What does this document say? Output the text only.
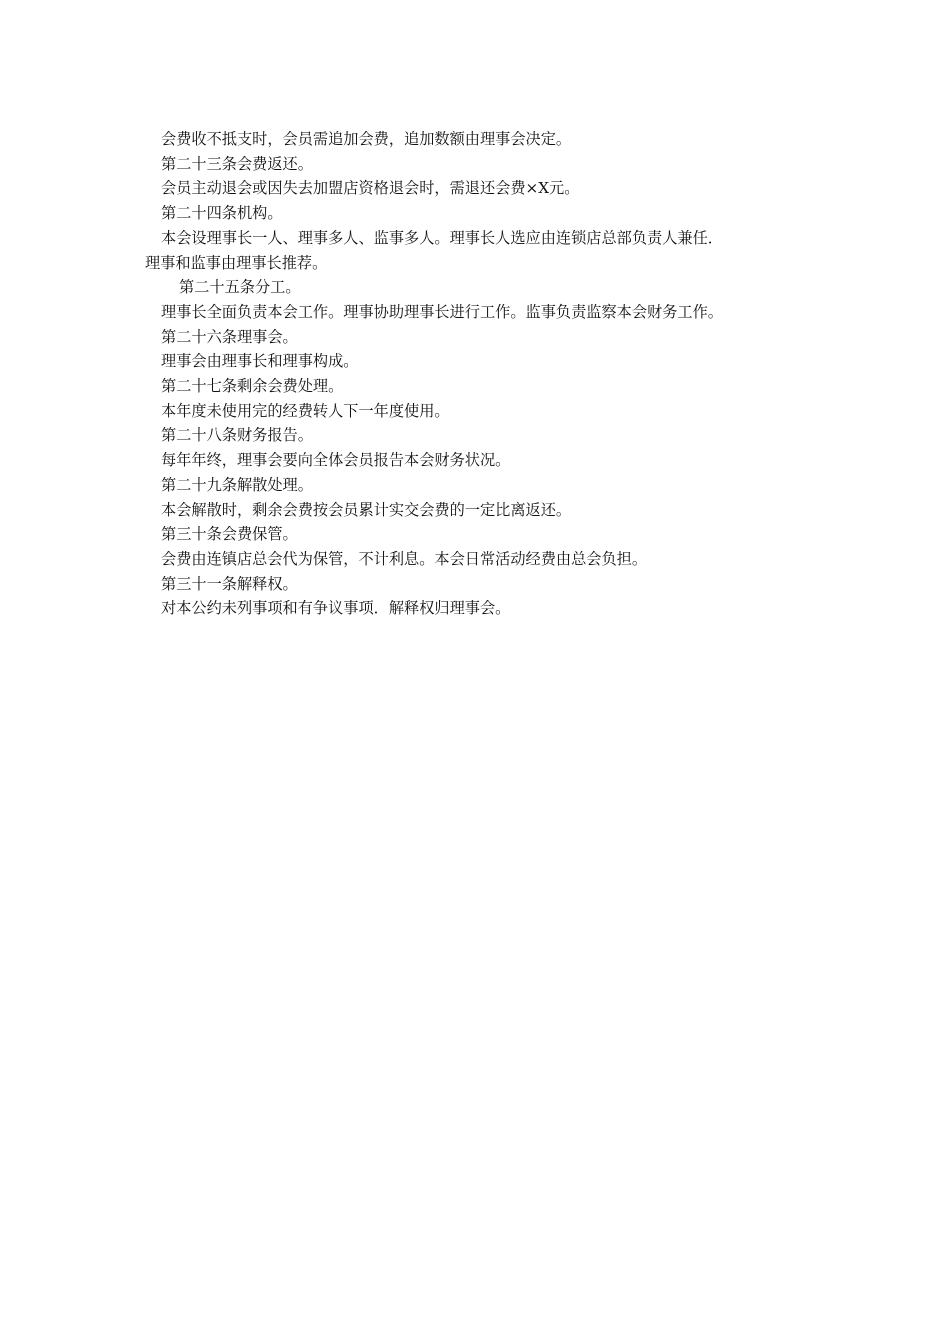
会费收不抵支时，会员需追加会费，追加数额由理事会决定。

第二十三条会费返还。

会员主动退会或因失去加盟店资格退会时，需退还会费×X元。

第二十四条机构。

本会设理事长一人、理事多人、监事多人。理事长人选应由连锁店总部负责人兼任．理事和监事由理事长推荐。

第二十五条分工。

理事长全面负责本会工作。理事协助理事长进行工作。监事负责监察本会财务工作。

第二十六条理事会。

理事会由理事长和理事构成。

第二十七条剩余会费处理。

本年度未使用完的经费转人下一年度使用。

第二十八条财务报告。

每年年终，理事会要向全体会员报告本会财务状况。

第二十九条解散处理。

本会解散时，剩余会费按会员累计实交会费的一定比离返还。

第三十条会费保管。

会费由连镇店总会代为保管，不计利息。本会日常活动经费由总会负担。

第三十一条解释权。

对本公约未列事项和有争议事项．解释权归理事会。
